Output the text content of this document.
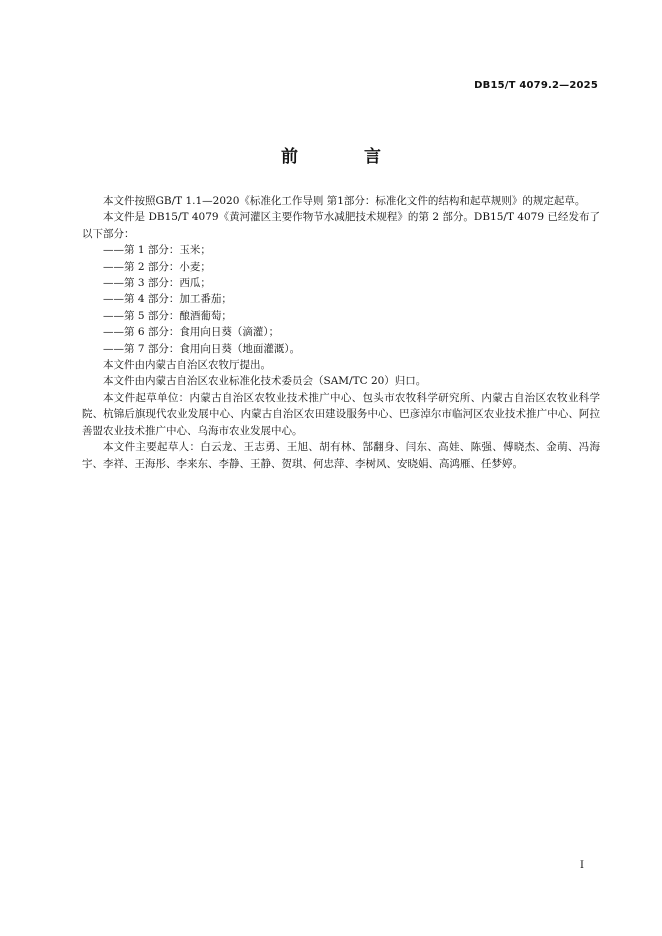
DB15/T 4079.2—2025
前 言

本文件按照GB/T 1.1—2020《标准化工作导则 第1部分：标准化文件的结构和起草规则》的规定起草。

本文件是 DB15/T 4079《黄河灌区主要作物节水减肥技术规程》的第 2 部分。DB15/T 4079 已经发布了以下部分：

——第 1 部分：玉米；

——第 2 部分：小麦；

——第 3 部分：西瓜；

——第 4 部分：加工番茄；

——第 5 部分：酿酒葡萄；

——第 6 部分：食用向日葵（滴灌）；

——第 7 部分：食用向日葵（地面灌溉）。

本文件由内蒙古自治区农牧厅提出。

本文件由内蒙古自治区农业标准化技术委员会（SAM/TC 20）归口。

本文件起草单位：内蒙古自治区农牧业技术推广中心、包头市农牧科学研究所、内蒙古自治区农牧业科学院、杭锦后旗现代农业发展中心、内蒙古自治区农田建设服务中心、巴彦淖尔市临河区农业技术推广中心、阿拉善盟农业技术推广中心、乌海市农业发展中心。

本文件主要起草人：白云龙、王志勇、王旭、胡有林、郜翻身、闫东、高娃、陈强、傅晓杰、金萌、冯海宇、李祥、王海彤、李来东、李静、王静、贺琪、何忠萍、李树风、安晓娟、高鸿雁、任梦婷。

I
